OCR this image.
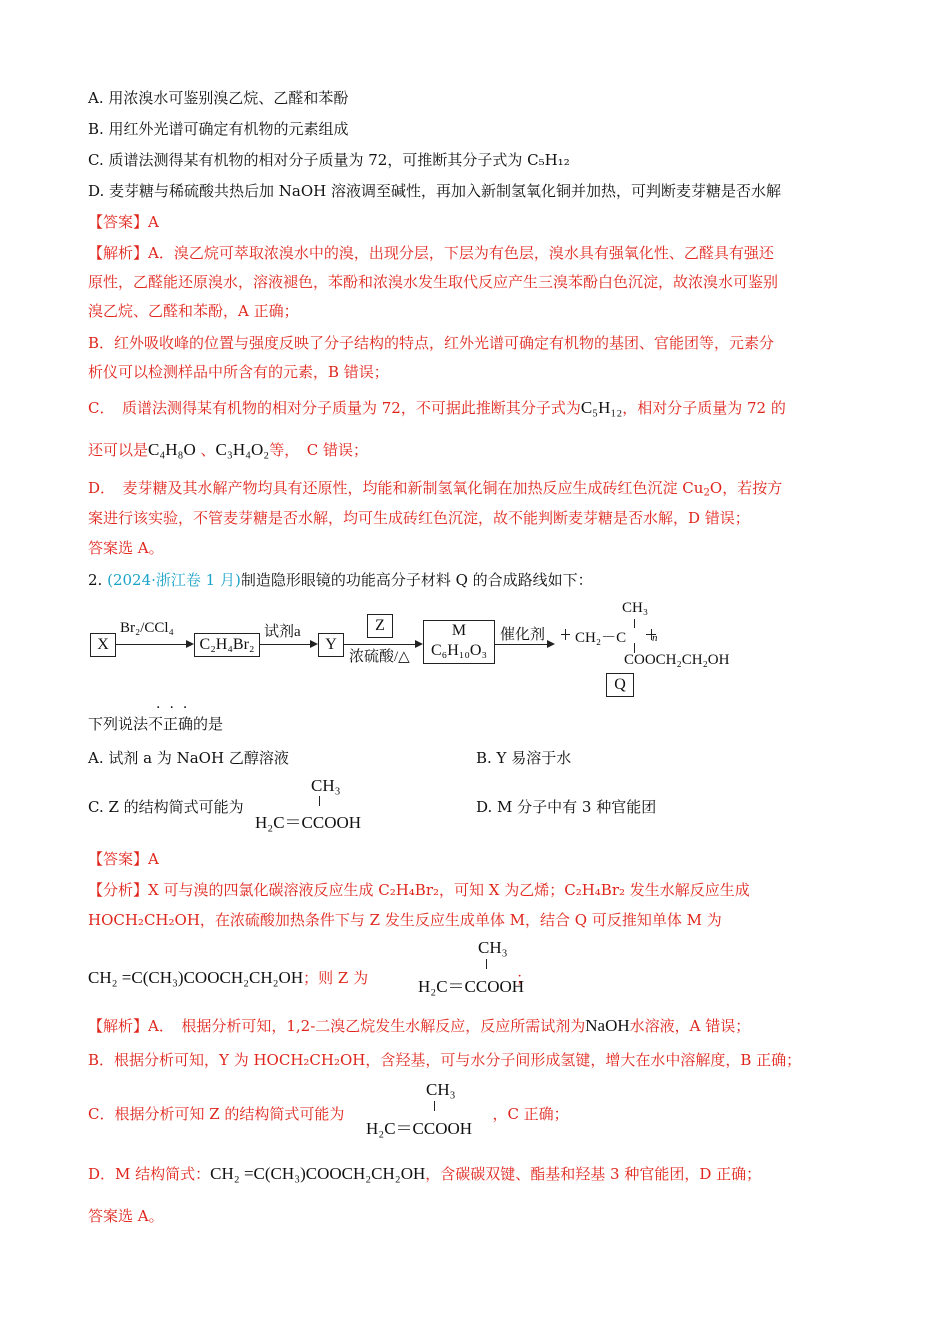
A. 用浓溴水可鉴别溴乙烷、乙醛和苯酚
B. 用红外光谱可确定有机物的元素组成
C. 质谱法测得某有机物的相对分子质量为 72，可推断其分子式为 C₅H₁₂
D. 麦芽糖与稀硫酸共热后加 NaOH 溶液调至碱性，再加入新制氢氧化铜并加热，可判断麦芽糖是否水解
【答案】A
【解析】A．溴乙烷可萃取浓溴水中的溴，出现分层，下层为有色层，溴水具有强氧化性、乙醛具有强还
原性，乙醛能还原溴水，溶液褪色，苯酚和浓溴水发生取代反应产生三溴苯酚白色沉淀，故浓溴水可鉴别
溴乙烷、乙醛和苯酚，A 正确；
B．红外吸收峰的位置与强度反映了分子结构的特点，红外光谱可确定有机物的基团、官能团等，元素分
析仪可以检测样品中所含有的元素，B 错误；
C．　质谱法测得某有机物的相对分子质量为 72，不可据此推断其分子式为C₅H₁₂，相对分子质量为 72 的
还可以是C₄H₈O 、C₃H₄O₂等，　C 错误；
D．　麦芽糖及其水解产物均具有还原性，均能和新制氢氧化铜在加热反应生成砖红色沉淀 $Cu_2O$，若按方
案进行该实验，不管麦芽糖是否水解，均可生成砖红色沉淀，故不能判断麦芽糖是否水解，D 错误；
答案选 A。
2. (2024·浙江卷 1 月)制造隐形眼镜的功能高分子材料 Q 的合成路线如下：
X
Br₂/CCl₄
C₂H₄Br₂
试剂a
Y
Z
浓硫酸/△
M
C₆H₁₀O₃
催化剂
CH₃
CH₂－C n
COOCH₂CH₂OH
Q
···
下列说法不正确的是
A. 试剂 a 为 NaOH 乙醇溶液	B. Y 易溶于水
C. Z 的结构简式可能为	D. M 分子中有 3 种官能团
CH₃
H₂C＝CCOOH
【答案】A
【分析】X 可与溴的四氯化碳溶液反应生成 C₂H₄Br₂，可知 X 为乙烯；C₂H₄Br₂ 发生水解反应生成
HOCH₂CH₂OH，在浓硫酸加热条件下与 Z 发生反应生成单体 M，结合 Q 可反推知单体 M 为
CH₂ =C(CH₃)COOCH₂CH₂OH；则 Z 为	；
CH₃
H₂C＝CCOOH
【解析】A．　根据分析可知，1,2-二溴乙烷发生水解反应，反应所需试剂为NaOH水溶液，A 错误；
B．根据分析可知，Y 为 HOCH₂CH₂OH，含羟基，可与水分子间形成氢键，增大在水中溶解度，B 正确；
C．根据分析可知 Z 的结构简式可能为	，C 正确；
CH₃
H₂C＝CCOOH
D．M 结构简式：CH₂ =C(CH₃)COOCH₂CH₂OH，含碳碳双键、酯基和羟基 3 种官能团，D 正确；
答案选 A。
